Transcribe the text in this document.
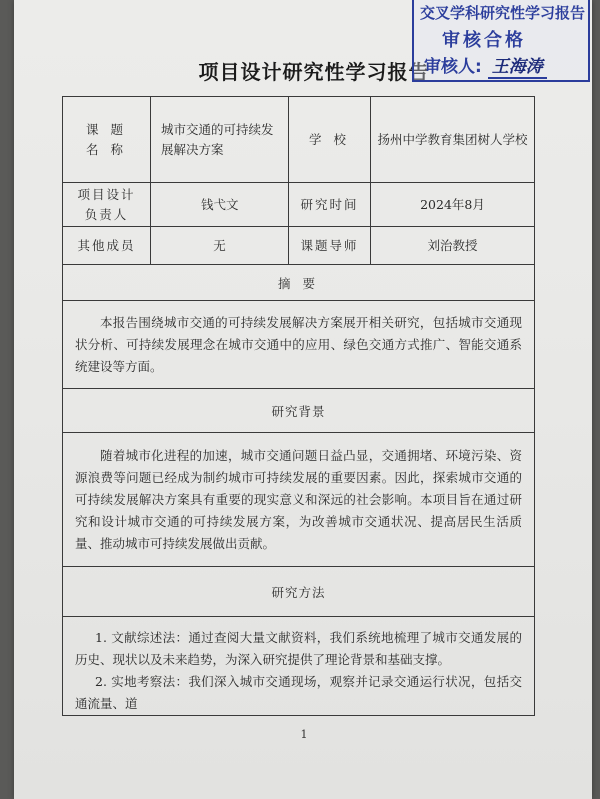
项目设计研究性学习报告
交叉学科研究性学习报告
审核合格
审核人: 王海涛
课 题
名 称	城市交通的可持续发展解决方案	学 校	扬州中学教育集团树人学校
项目设计
负责人	钱弋文	研究时间	2024年8月
其他成员	无	课题导师	刘治教授
摘 要			
本报告围绕城市交通的可持续发展解决方案展开相关研究，包括城市交通现状分析、可持续发展理念在城市交通中的应用、绿色交通方式推广、智能交通系统建设等方面。			
研究背景			
随着城市化进程的加速，城市交通问题日益凸显，交通拥堵、环境污染、资源浪费等问题已经成为制约城市可持续发展的重要因素。因此，探索城市交通的可持续发展解决方案具有重要的现实意义和深远的社会影响。本项目旨在通过研究和设计城市交通的可持续发展方案，为改善城市交通状况、提高居民生活质量、推动城市可持续发展做出贡献。			
研究方法			

1. 文献综述法：通过查阅大量文献资料，我们系统地梳理了城市交通发展的历史、现状以及未来趋势，为深入研究提供了理论背景和基础支撑。

2. 实地考察法：我们深入城市交通现场，观察并记录交通运行状况，包括交通流量、道			

1
